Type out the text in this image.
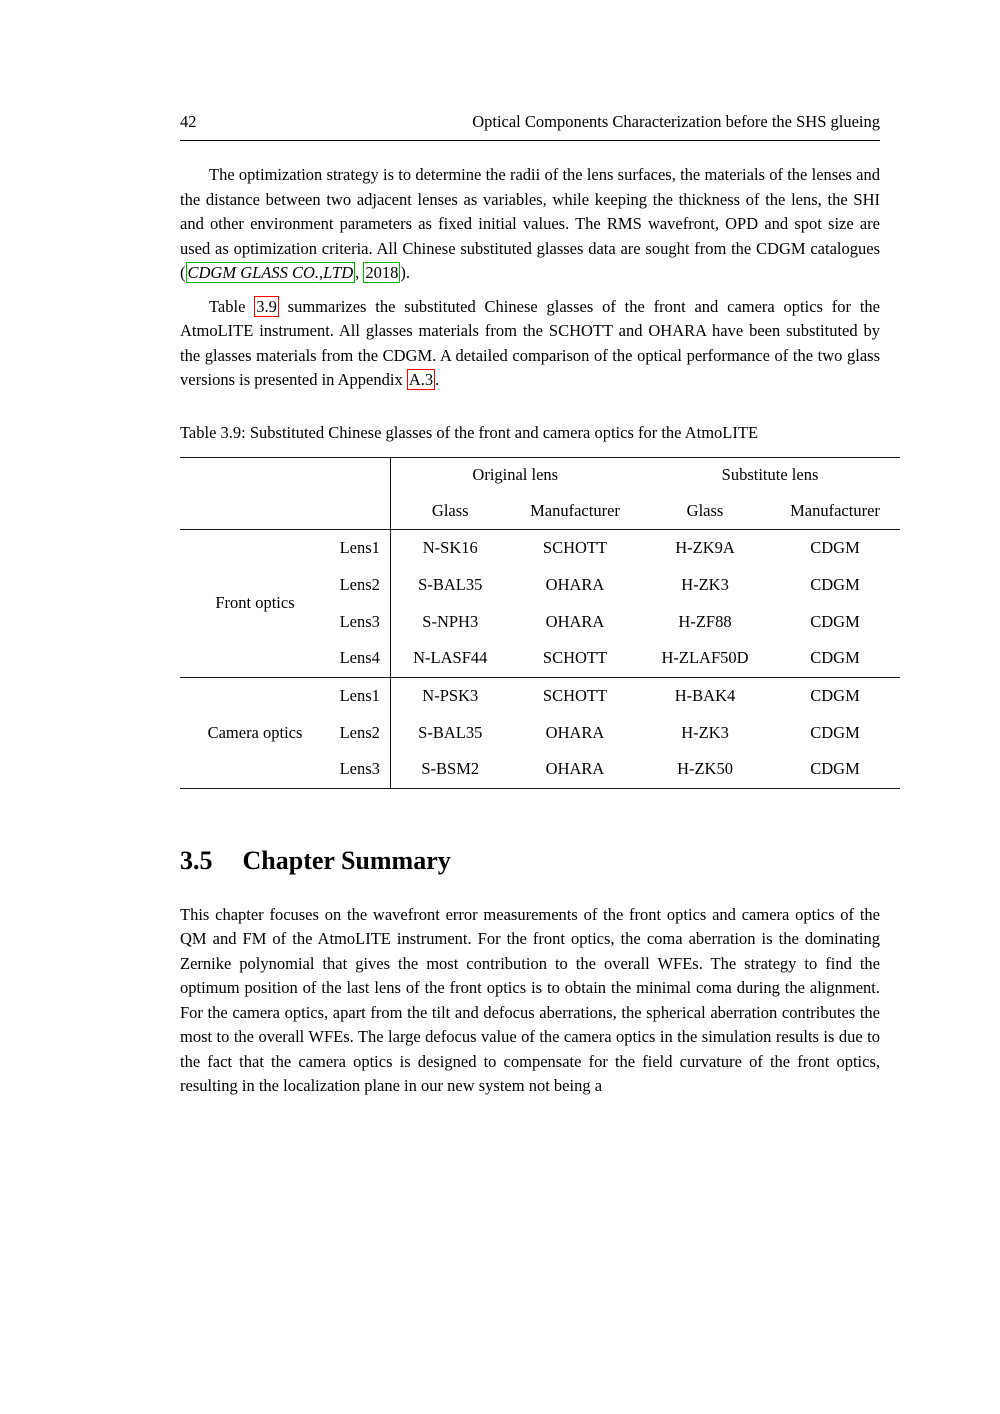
42	Optical Components Characterization before the SHS glueing

The optimization strategy is to determine the radii of the lens surfaces, the materials of the lenses and the distance between two adjacent lenses as variables, while keeping the thickness of the lens, the SHI and other environment parameters as fixed initial values. The RMS wavefront, OPD and spot size are used as optimization criteria. All Chinese substituted glasses data are sought from the CDGM catalogues ( CDGM GLASS CO.,LTD , 2018 ).

Table 3.9 summarizes the substituted Chinese glasses of the front and camera optics for the AtmoLITE instrument. All glasses materials from the SCHOTT and OHARA have been substituted by the glasses materials from the CDGM. A detailed comparison of the optical performance of the two glass versions is presented in Appendix A.3 .

Table 3.9: Substituted Chinese glasses of the front and camera optics for the AtmoLITE

		Original lens		Substitute lens	
		Glass	Manufacturer	Glass	Manufacturer
Front optics	Lens1	N-SK16	SCHOTT	H-ZK9A	CDGM
	Lens2	S-BAL35	OHARA	H-ZK3	CDGM
	Lens3	S-NPH3	OHARA	H-ZF88	CDGM
	Lens4	N-LASF44	SCHOTT	H-ZLAF50D	CDGM
Camera optics	Lens1	N-PSK3	SCHOTT	H-BAK4	CDGM
	Lens2	S-BAL35	OHARA	H-ZK3	CDGM
	Lens3	S-BSM2	OHARA	H-ZK50	CDGM
3.5 Chapter Summary

This chapter focuses on the wavefront error measurements of the front optics and camera optics of the QM and FM of the AtmoLITE instrument. For the front optics, the coma aberration is the dominating Zernike polynomial that gives the most contribution to the overall WFEs. The strategy to find the optimum position of the last lens of the front optics is to obtain the minimal coma during the alignment. For the camera optics, apart from the tilt and defocus aberrations, the spherical aberration contributes the most to the overall WFEs. The large defocus value of the camera optics in the simulation results is due to the fact that the camera optics is designed to compensate for the field curvature of the front optics, resulting in the localization plane in our new system not being a
